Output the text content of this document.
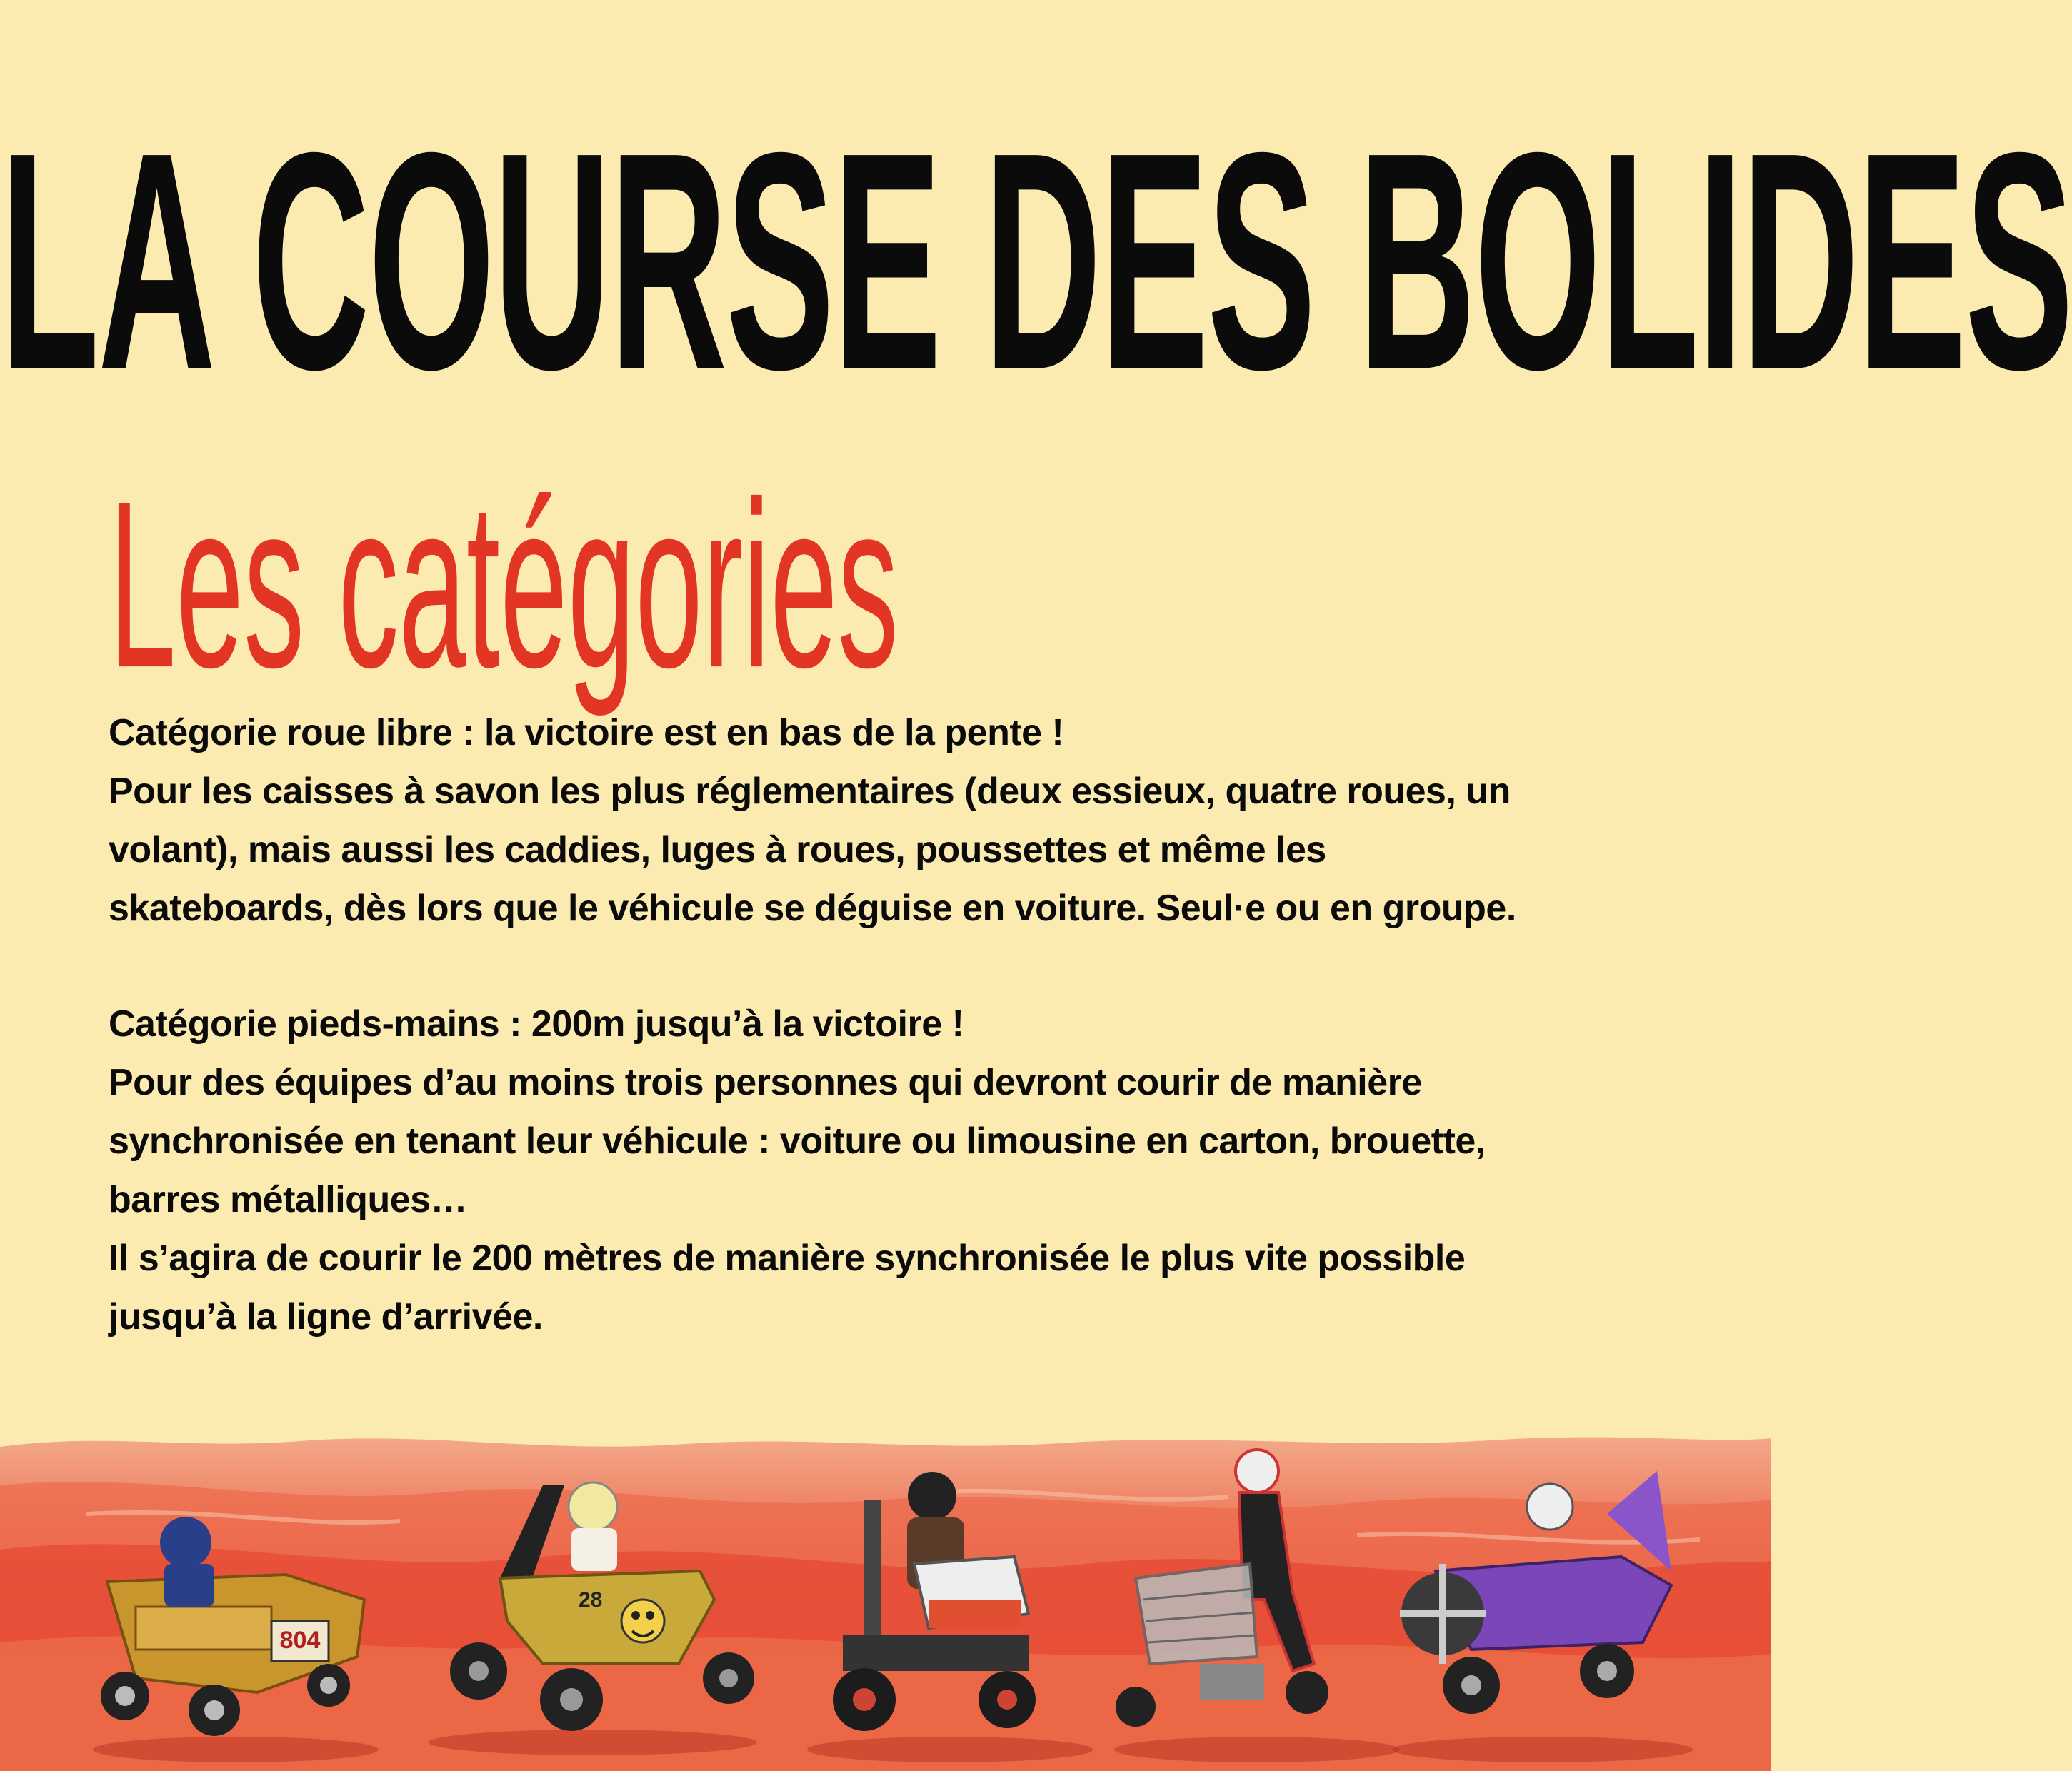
LA COURSE DES BOLIDES
Les catégories

Catégorie roue libre : la victoire est en bas de la pente !

Pour les caisses à savon les plus réglementaires (deux essieux, quatre roues, un

volant), mais aussi les caddies, luges à roues, poussettes et même les

skateboards, dès lors que le véhicule se déguise en voiture. Seul·e ou en groupe.

Catégorie pieds-mains : 200m jusqu’à la victoire !

Pour des équipes d’au moins trois personnes qui devront courir de manière

synchronisée en tenant leur véhicule : voiture ou limousine en carton, brouette,

barres métalliques…

Il s’agira de courir le 200 mètres de manière synchronisée le plus vite possible

jusqu’à la ligne d’arrivée.

804
28
